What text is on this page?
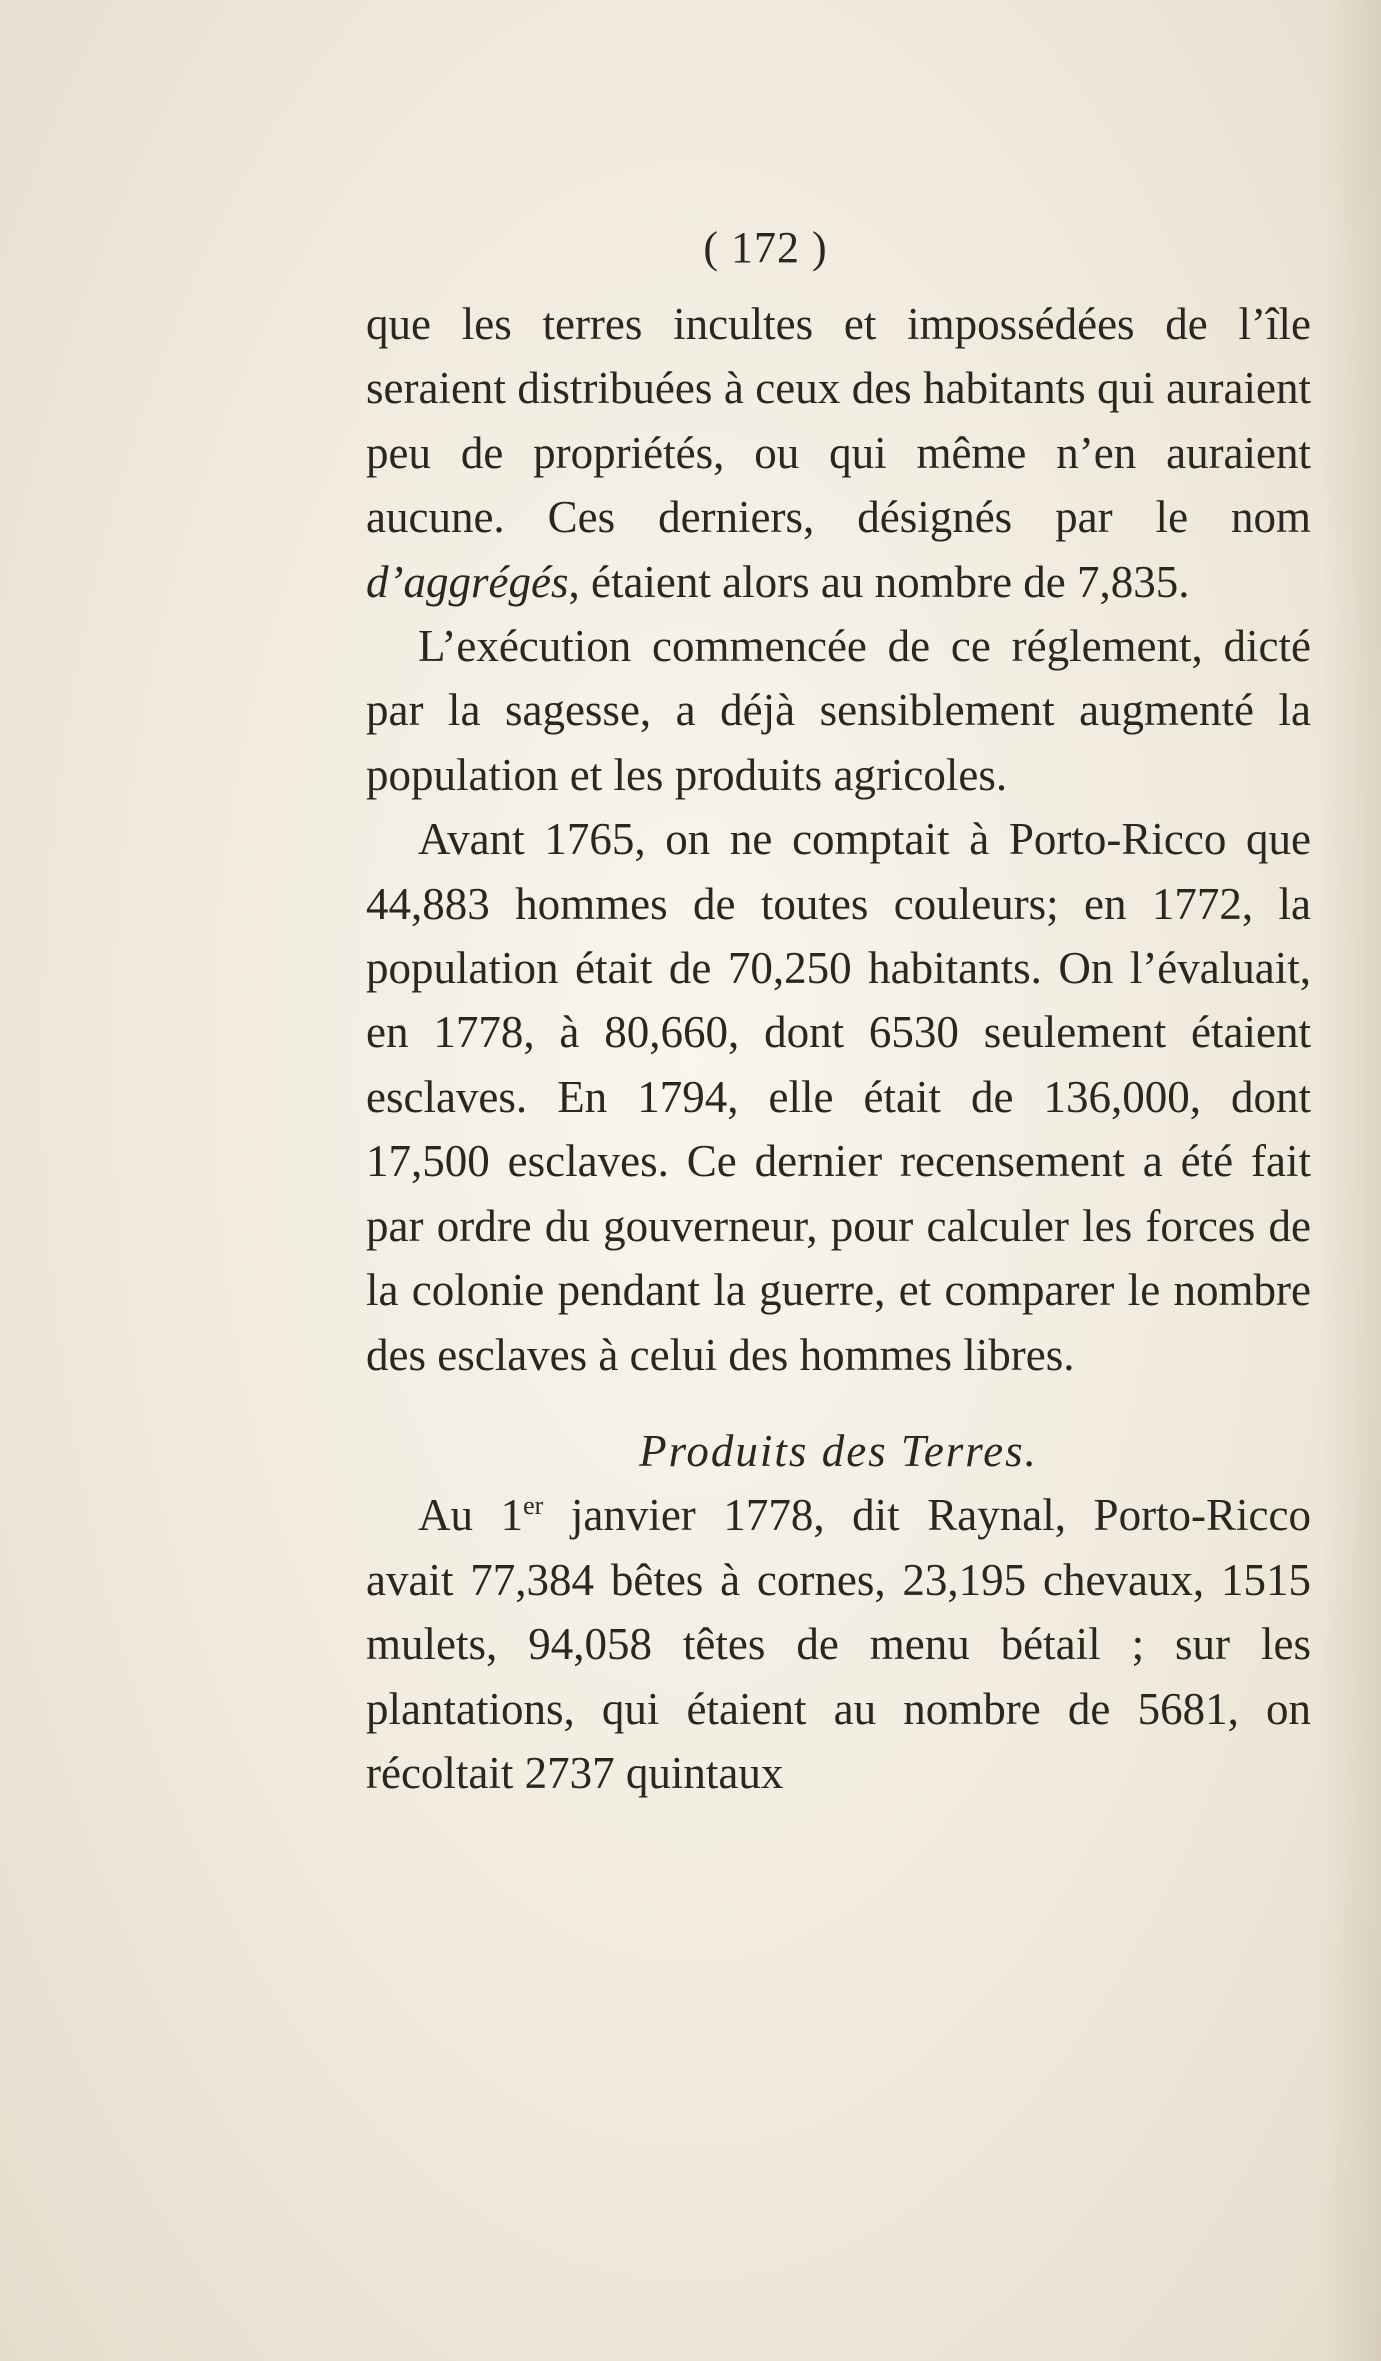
( 172 )

que les terres incultes et impossédées de l’île seraient distribuées à ceux des habitants qui auraient peu de propriétés, ou qui même n’en auraient aucune. Ces derniers, désignés par le nom d’aggrégés, étaient alors au nombre de 7,835.

L’exécution commencée de ce réglement, dicté par la sagesse, a déjà sensiblement augmenté la population et les produits agricoles.

Avant 1765, on ne comptait à Porto-Ricco que 44,883 hommes de toutes couleurs; en 1772, la population était de 70,250 habitants. On l’évaluait, en 1778, à 80,660, dont 6530 seulement étaient esclaves. En 1794, elle était de 136,000, dont 17,500 esclaves. Ce dernier recensement a été fait par ordre du gouverneur, pour calculer les forces de la colonie pendant la guerre, et comparer le nombre des esclaves à celui des hommes libres.

Produits des Terres.

Au 1er janvier 1778, dit Raynal, Porto-Ricco avait 77,384 bêtes à cornes, 23,195 chevaux, 1515 mulets, 94,058 têtes de menu bétail ; sur les plantations, qui étaient au nombre de 5681, on récoltait 2737 quintaux
